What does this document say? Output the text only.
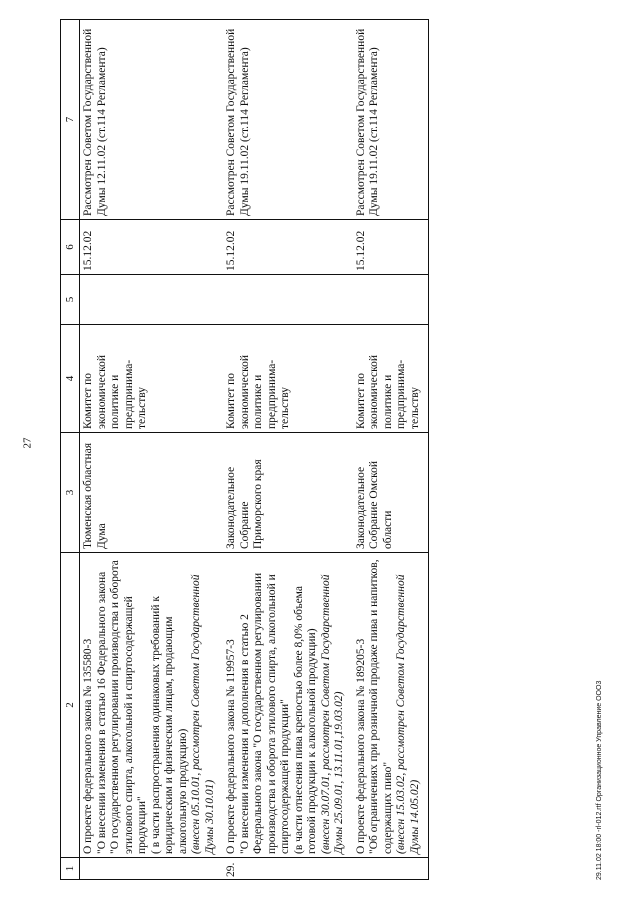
27
1	2	3	4	5	6	7

	О проекте федерального закона № 135580-3 "О внесении изменения в статью 16 Федерального закона "О государственном регулировании производства и оборота этилового спирта, алкогольной и спиртосодержащей продукции" ( в части распространения одинаковых требований к юридическим и физическим лицам, продающим алкогольную продукцию) (внесен 05.10.01, рассмотрен Советом Государственной Думы 30.10.01)	Тюменская областная Дума	Комитет по экономической политике и предпринима-тельству		15.12.02	Рассмотрен Советом Государственной Думы 12.11.02 (ст.114 Регламента)
29.	О проекте федерального закона № 119957-3 "О внесении изменения и дополнения в статью 2 Федерального закона "О государственном регулировании производства и оборота этилового спирта, алкогольной и спиртосодержащей продукции" (в части отнесения пива крепостью более 8,0% объема готовой продукции к алкогольной продукции) (внесен 30.07.01, рассмотрен Советом Государственной Думы 25.09.01, 13.11.01,19.03.02)	Законодательное Собрание Приморского края	Комитет по экономической политике и предпринима-тельству		15.12.02	Рассмотрен Советом Государственной Думы 19.11.02 (ст.114 Регламента)

	О проекте федерального закона № 189205-3 "Об ограничениях при розничной продаже пива и напитков, содержащих пиво" (внесен 15.03.02, рассмотрен Советом Государственной Думы 14.05.02)	Законодательное Собрание Омской области	Комитет по экономической политике и предпринима-тельству		15.12.02	Рассмотрен Советом Государственной Думы 19.11.02 (ст.114 Регламента)
29.11.02 18:00 -rl-012.rtf Организационное Управление ООО3
